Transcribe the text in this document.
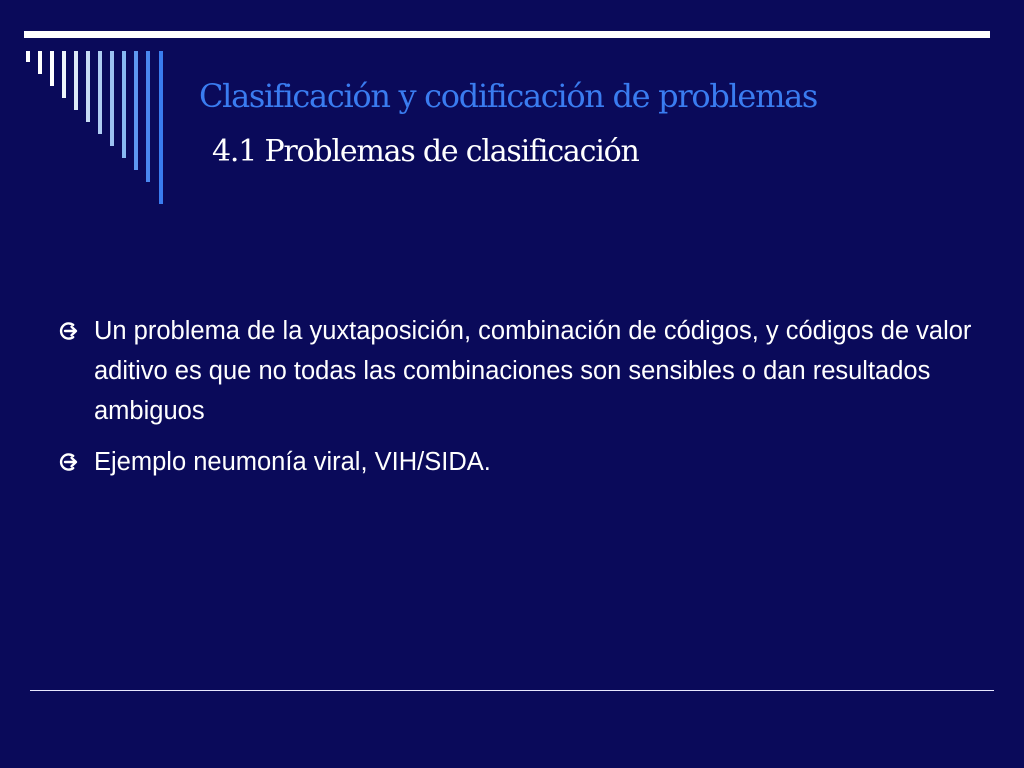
Clasificación y codificación de problemas
4.1 Problemas de clasificación
Un problema de la yuxtaposición, combinación de códigos, y códigos de valor aditivo es que no todas las combinaciones son sensibles o dan resultados ambiguos
Ejemplo neumonía viral, VIH/SIDA.
